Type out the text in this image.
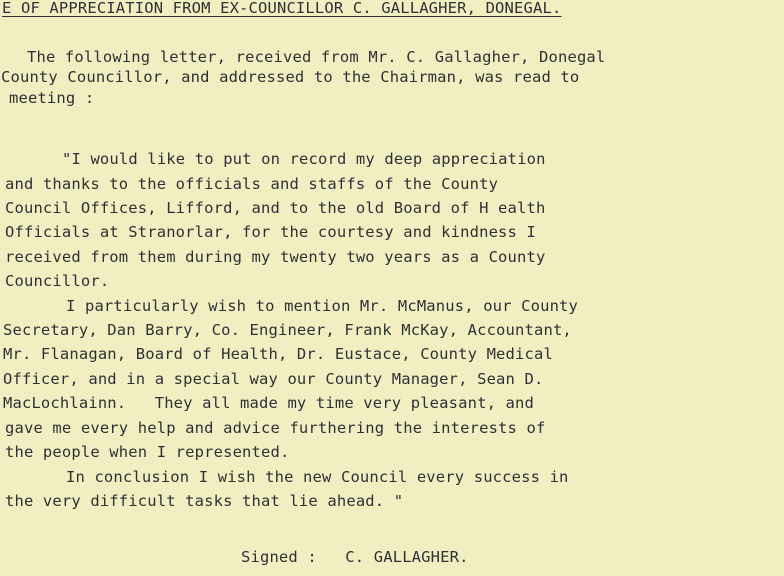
E OF APPRECIATION FROM EX-COUNCILLOR C. GALLAGHER, DONEGAL.
The following letter, received from Mr. C. Gallagher, Donegal
County Councillor, and addressed to the Chairman, was read to
meeting :
"I would like to put on record my deep appreciation
and thanks to the officials and staffs of the County
Council Offices, Lifford, and to the old Board of H ealth
Officials at Stranorlar, for the courtesy and kindness I
received from them during my twenty two years as a County
Councillor.
I particularly wish to mention Mr. McManus, our County
Secretary, Dan Barry, Co. Engineer, Frank McKay, Accountant,
Mr. Flanagan, Board of Health, Dr. Eustace, County Medical
Officer, and in a special way our County Manager, Sean D.
MacLochlainn.   They all made my time very pleasant, and
gave me every help and advice furthering the interests of
the people when I represented.
In conclusion I wish the new Council every success in
the very difficult tasks that lie ahead. "
Signed :   C. GALLAGHER.
